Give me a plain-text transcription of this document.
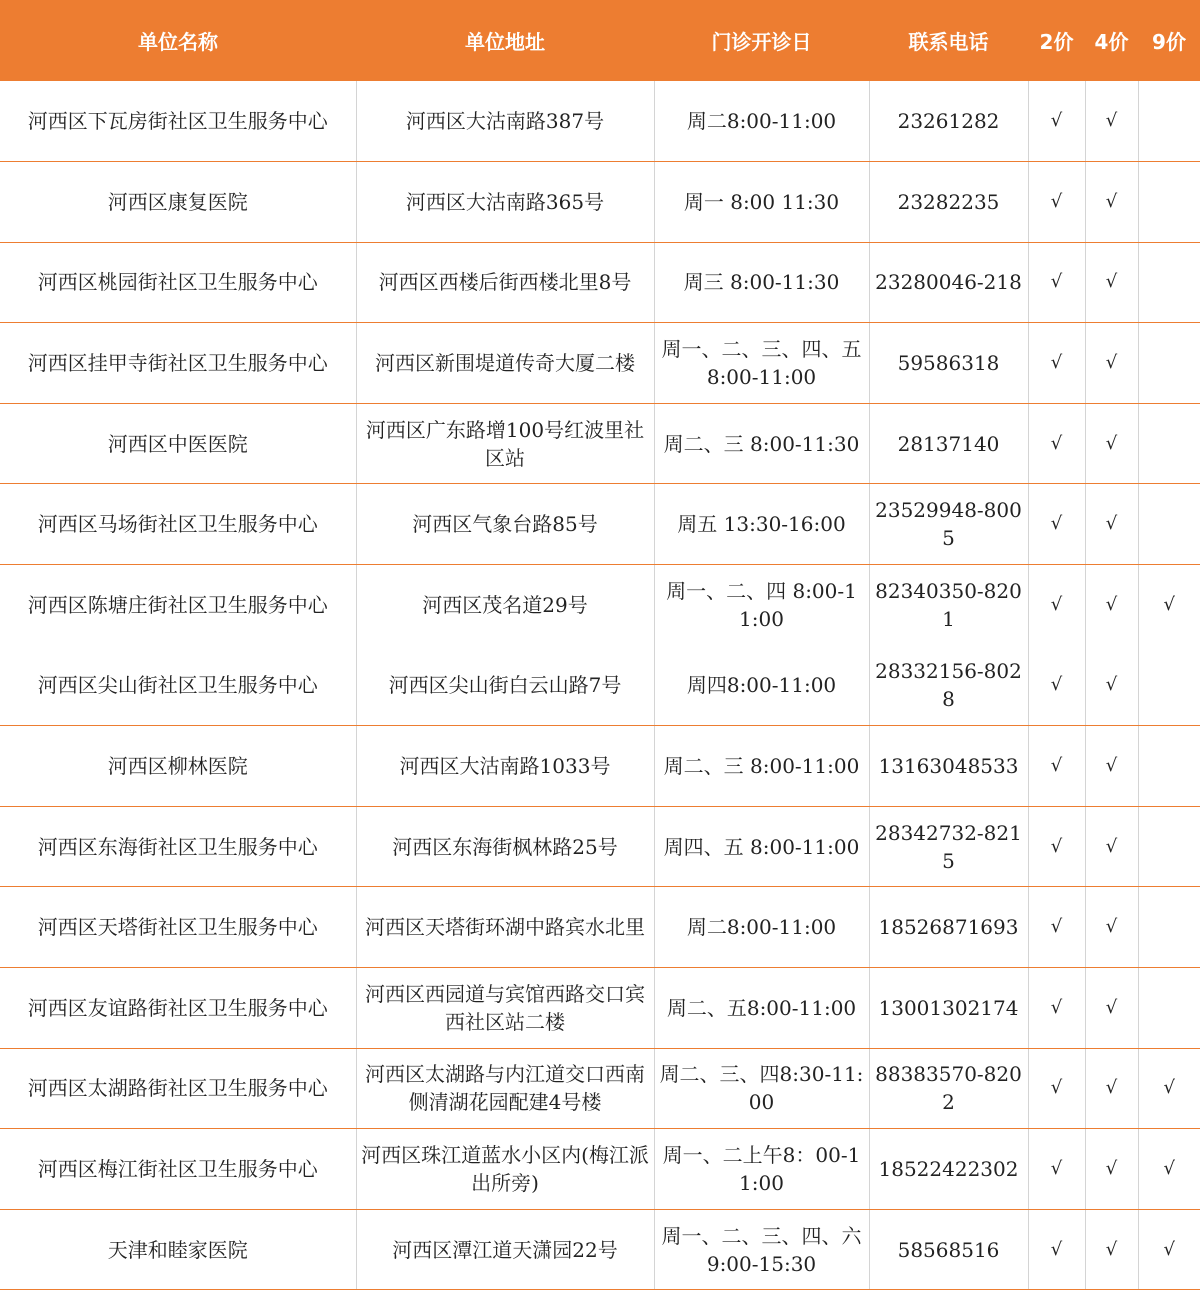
单位名称	单位地址	门诊开诊日	联系电话	2价	4价	9价
河西区下瓦房街社区卫生服务中心	河西区大沽南路387号	周二8:00-11:00	23261282	√	√	
河西区康复医院	河西区大沽南路365号	周一 8:00 11:30	23282235	√	√	
河西区桃园街社区卫生服务中心	河西区西楼后街西楼北里8号	周三 8:00-11:30	23280046-218	√	√	
河西区挂甲寺街社区卫生服务中心	河西区新围堤道传奇大厦二楼	周一、二、三、四、五 8:00-11:00	59586318	√	√	
河西区中医医院	河西区广东路增100号红波里社区站	周二、三 8:00-11:30	28137140	√	√	
河西区马场街社区卫生服务中心	河西区气象台路85号	周五 13:30-16:00	23529948-8005	√	√	
河西区陈塘庄街社区卫生服务中心	河西区茂名道29号	周一、二、四 8:00-11:00	82340350-8201	√	√	√
河西区尖山街社区卫生服务中心	河西区尖山街白云山路7号	周四8:00-11:00	28332156-8028	√	√	
河西区柳林医院	河西区大沽南路1033号	周二、三 8:00-11:00	13163048533	√	√	
河西区东海街社区卫生服务中心	河西区东海街枫林路25号	周四、五 8:00-11:00	28342732-8215	√	√	
河西区天塔街社区卫生服务中心	河西区天塔街环湖中路宾水北里	周二8:00-11:00	18526871693	√	√	
河西区友谊路街社区卫生服务中心	河西区西园道与宾馆西路交口宾西社区站二楼	周二、五8:00-11:00	13001302174	√	√	
河西区太湖路街社区卫生服务中心	河西区太湖路与内江道交口西南侧清湖花园配建4号楼	周二、三、四8:30-11:00	88383570-8202	√	√	√
河西区梅江街社区卫生服务中心	河西区珠江道蓝水小区内(梅江派出所旁)	周一、二上午8：00-11:00	18522422302	√	√	√
天津和睦家医院	河西区潭江道天潇园22号	周一、二、三、四、六9:00-15:30	58568516	√	√	√
